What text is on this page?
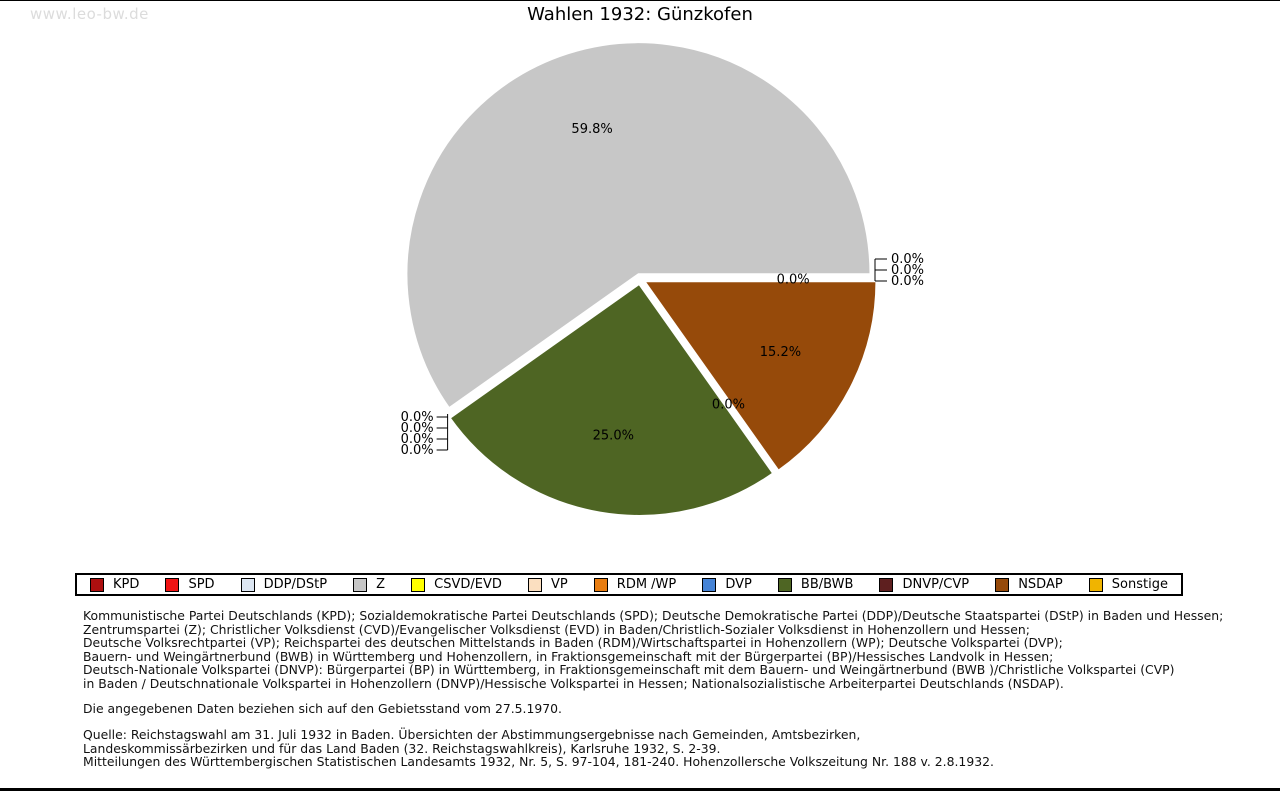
www.leo-bw.de	Wahlen 1932: Günzkofen
59.8%
25.0%
0.0%
15.2%
0.0%
0.0%
0.0%
0.0%
0.0%
0.0%
0.0%
0.0%
KPD	SPD	DDP/DStP	Z	CSVD/EVD	VP	RDM /WP	DVP	BB/BWB	DNVP/CVP	NSDAP	Sonstige
Kommunistische Partei Deutschlands (KPD); Sozialdemokratische Partei Deutschlands (SPD); Deutsche Demokratische Partei (DDP)/Deutsche Staatspartei (DStP) in Baden und Hessen;
Zentrumspartei (Z); Christlicher Volksdienst (CVD)/Evangelischer Volksdienst (EVD) in Baden/Christlich-Sozialer Volksdienst in Hohenzollern und Hessen;
Deutsche Volksrechtpartei (VP); Reichspartei des deutschen Mittelstands in Baden (RDM)/Wirtschaftspartei in Hohenzollern (WP); Deutsche Volkspartei (DVP);
Bauern- und Weingärtnerbund (BWB) in Württemberg und Hohenzollern, in Fraktionsgemeinschaft mit der Bürgerpartei (BP)/Hessisches Landvolk in Hessen;
Deutsch-Nationale Volkspartei (DNVP): Bürgerpartei (BP) in Württemberg, in Fraktionsgemeinschaft mit dem Bauern- und Weingärtnerbund (BWB )/Christliche Volkspartei (CVP)
in Baden / Deutschnationale Volkspartei in Hohenzollern (DNVP)/Hessische Volkspartei in Hessen; Nationalsozialistische Arbeiterpartei Deutschlands (NSDAP).
Die angegebenen Daten beziehen sich auf den Gebietsstand vom 27.5.1970.
Quelle: Reichstagswahl am 31. Juli 1932 in Baden. Übersichten der Abstimmungsergebnisse nach Gemeinden, Amtsbezirken,
Landeskommissärbezirken und für das Land Baden (32. Reichstagswahlkreis), Karlsruhe 1932, S. 2-39.
Mitteilungen des Württembergischen Statistischen Landesamts 1932, Nr. 5, S. 97-104, 181-240. Hohenzollersche Volkszeitung Nr. 188 v. 2.8.1932.
